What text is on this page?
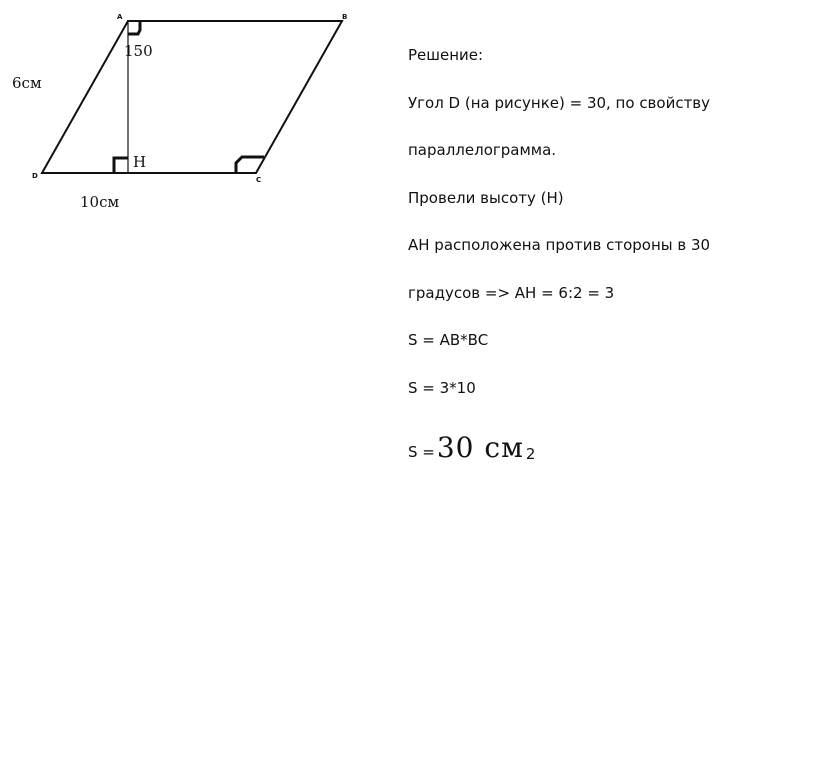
A	B
C
D
6см
10см
150
H
Решение:
Угол D (на рисунке) = 30, по свойству
параллелограмма.
Провели высоту (H)
AH расположена против стороны в 30
градусов => AH = 6:2 = 3
S = AB*BC
S = 3*10
S = 30 см 2
